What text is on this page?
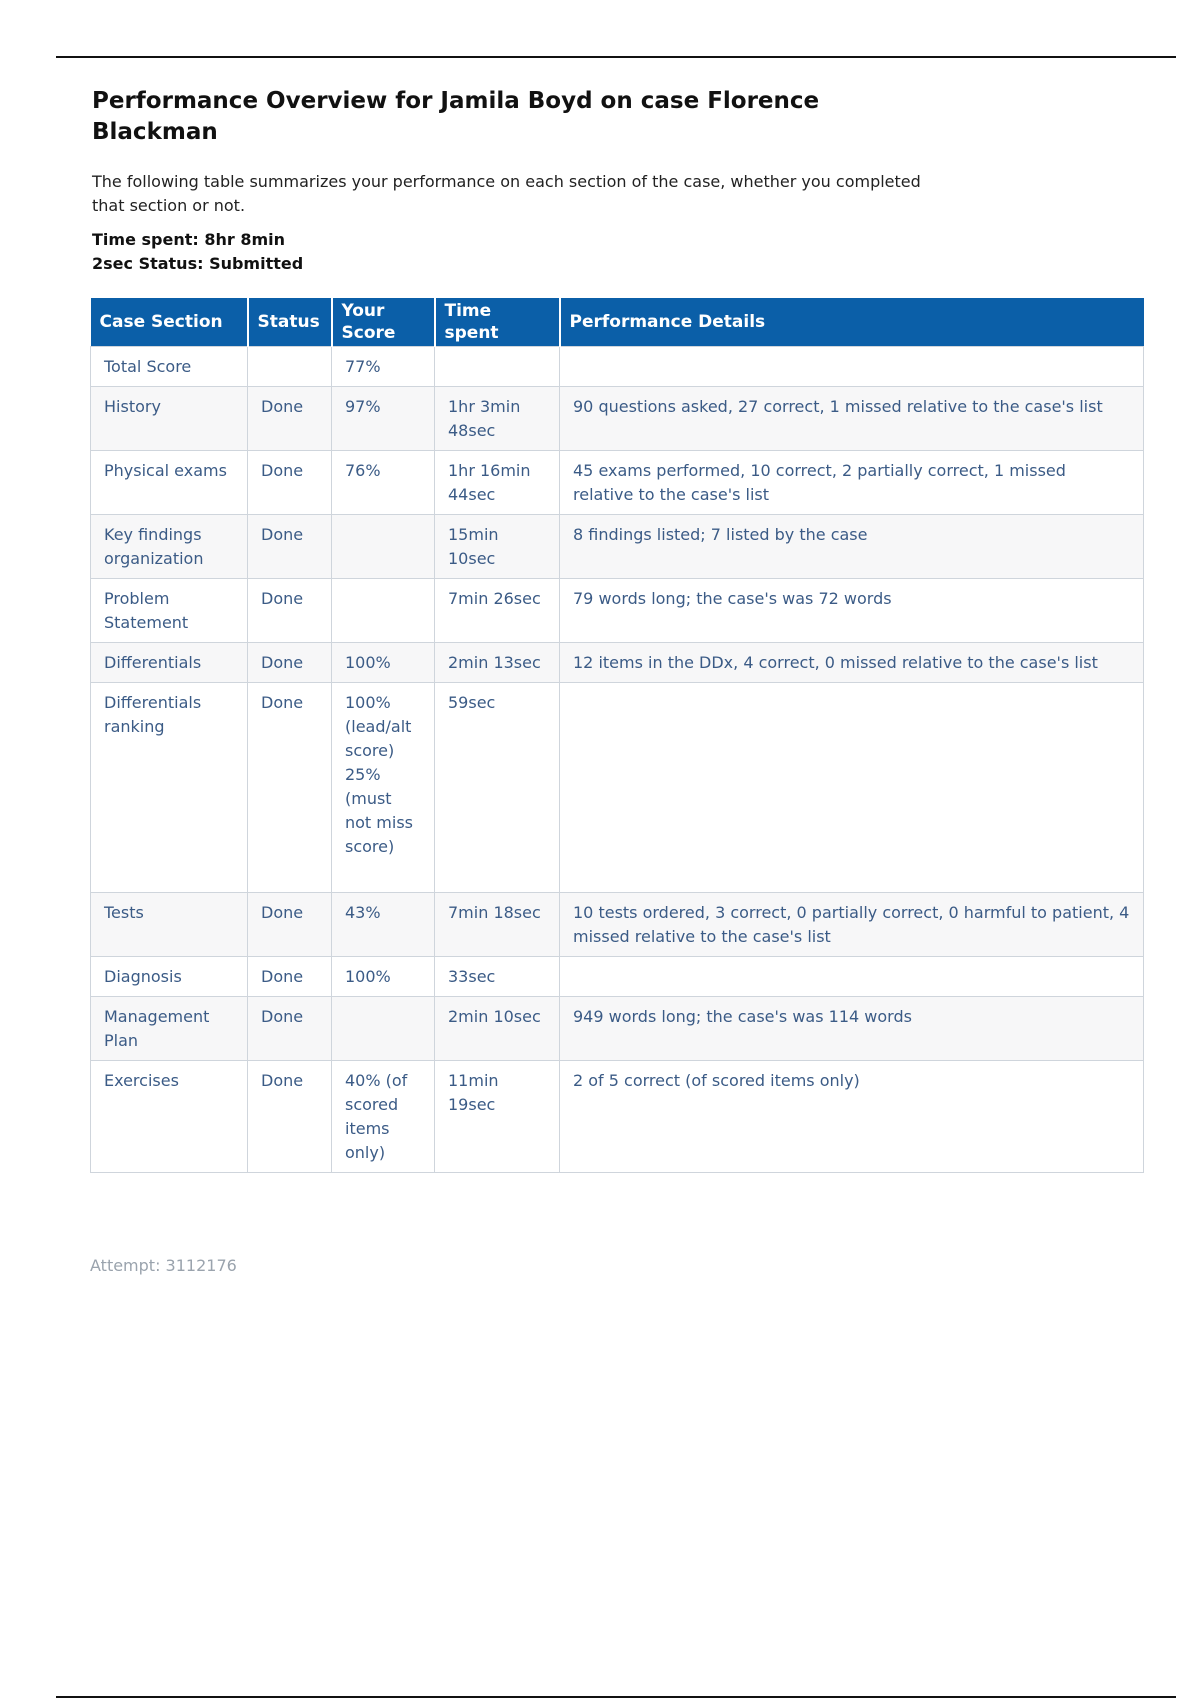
Performance Overview for Jamila Boyd on case Florence Blackman

The following table summarizes your performance on each section of the case, whether you completed that section or not.

Time spent: 8hr 8min
2sec Status: Submitted
Case Section	Status	Your Score	Time spent	Performance Details
Total Score		77%		
History	Done	97%	1hr 3min 48sec	90 questions asked, 27 correct, 1 missed relative to the case's list
Physical exams	Done	76%	1hr 16min 44sec	45 exams performed, 10 correct, 2 partially correct, 1 missed relative to the case's list
Key findings organization	Done		15min 10sec	8 findings listed; 7 listed by the case
Problem Statement	Done		7min 26sec	79 words long; the case's was 72 words
Differentials	Done	100%	2min 13sec	12 items in the DDx, 4 correct, 0 missed relative to the case's list
Differentials ranking	Done	100% (lead/alt score) 25% (must not miss score)	59sec	
Tests	Done	43%	7min 18sec	10 tests ordered, 3 correct, 0 partially correct, 0 harmful to patient, 4 missed relative to the case's list
Diagnosis	Done	100%	33sec	
Management Plan	Done		2min 10sec	949 words long; the case's was 114 words
Exercises	Done	40% (of scored items only)	11min 19sec	2 of 5 correct (of scored items only)
Attempt: 3112176
